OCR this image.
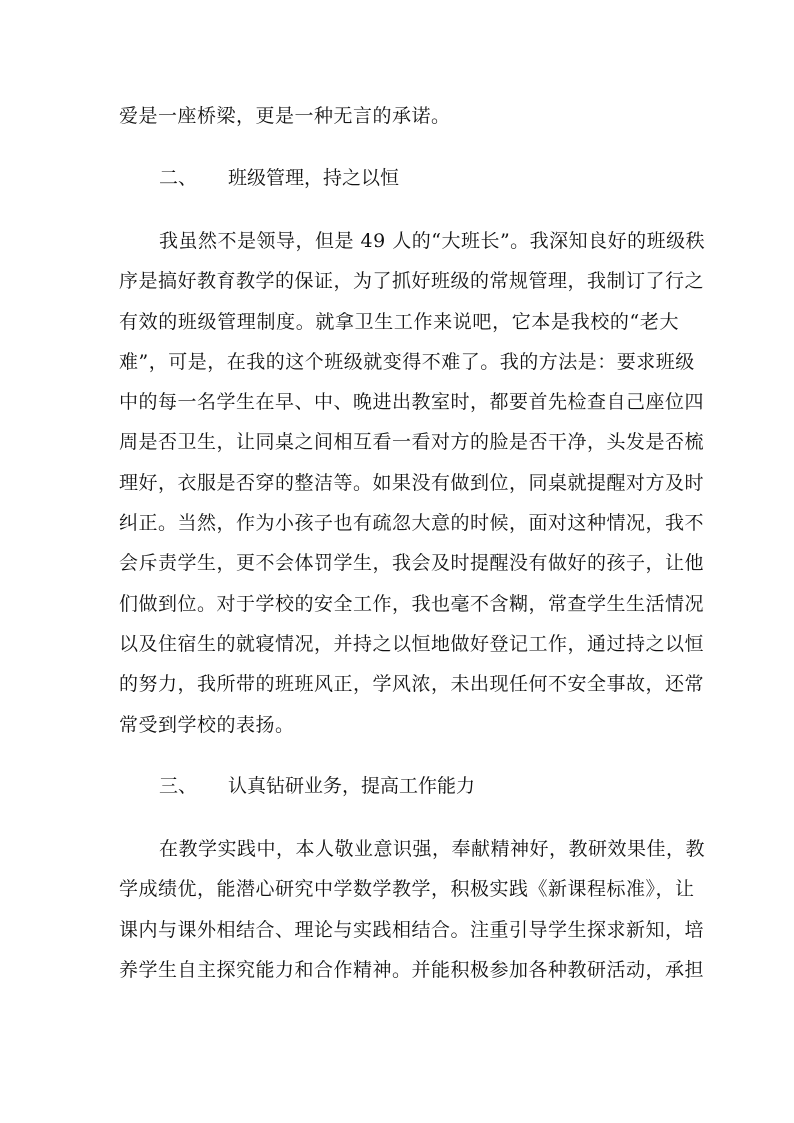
爱是一座桥梁，更是一种无言的承诺。
二、 班级管理，持之以恒
我虽然不是领导，但是 49 人的“大班长”。我深知良好的班级秩
序是搞好教育教学的保证，为了抓好班级的常规管理，我制订了行之
有效的班级管理制度。就拿卫生工作来说吧，它本是我校的“老大
难”，可是，在我的这个班级就变得不难了。我的方法是：要求班级
中的每一名学生在早、中、晚进出教室时，都要首先检查自己座位四
周是否卫生，让同桌之间相互看一看对方的脸是否干净，头发是否梳
理好，衣服是否穿的整洁等。如果没有做到位，同桌就提醒对方及时
纠正。当然，作为小孩子也有疏忽大意的时候，面对这种情况，我不
会斥责学生，更不会体罚学生，我会及时提醒没有做好的孩子，让他
们做到位。对于学校的安全工作，我也毫不含糊，常查学生生活情况
以及住宿生的就寝情况，并持之以恒地做好登记工作，通过持之以恒
的努力，我所带的班班风正，学风浓，未出现任何不安全事故，还常
常受到学校的表扬。
三、 认真钻研业务，提高工作能力
在教学实践中，本人敬业意识强，奉献精神好，教研效果佳，教
学成绩优，能潜心研究中学数学教学，积极实践《新课程标准》，让
课内与课外相结合、理论与实践相结合。注重引导学生探求新知，培
养学生自主探究能力和合作精神。并能积极参加各种教研活动，承担
